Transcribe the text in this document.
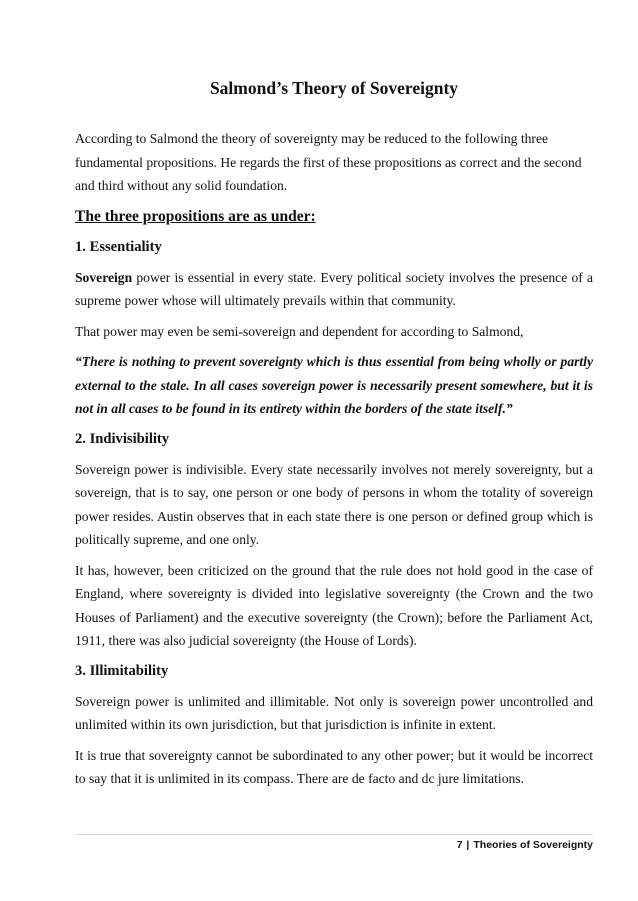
Salmond’s Theory of Sovereignty

According to Salmond the theory of sovereignty may be reduced to the following three fundamental propositions. He regards the first of these propositions as correct and the second and third without any solid foundation.

The three propositions are as under:
1. Essentiality

Sovereign power is essential in every state. Every political society involves the presence of a supreme power whose will ultimately prevails within that community.

That power may even be semi-sovereign and dependent for according to Salmond,

“There is nothing to prevent sovereignty which is thus essential from being wholly or partly external to the stale. In all cases sovereign power is necessarily present somewhere, but it is not in all cases to be found in its entirety within the borders of the state itself.”

2. Indivisibility

Sovereign power is indivisible. Every state necessarily involves not merely sovereignty, but a sovereign, that is to say, one person or one body of persons in whom the totality of sovereign power resides. Austin observes that in each state there is one person or defined group which is politically supreme, and one only.

It has, however, been criticized on the ground that the rule does not hold good in the case of England, where sovereignty is divided into legislative sovereignty (the Crown and the two Houses of Parliament) and the executive sovereignty (the Crown); before the Parliament Act, 1911, there was also judicial sovereignty (the House of Lords).

3. Illimitability

Sovereign power is unlimited and illimitable. Not only is sovereign power uncontrolled and unlimited within its own jurisdiction, but that jurisdiction is infinite in extent.

It is true that sovereignty cannot be subordinated to any other power; but it would be incorrect to say that it is unlimited in its compass. There are de facto and dc jure limitations.

7 | Theories of Sovereignty
